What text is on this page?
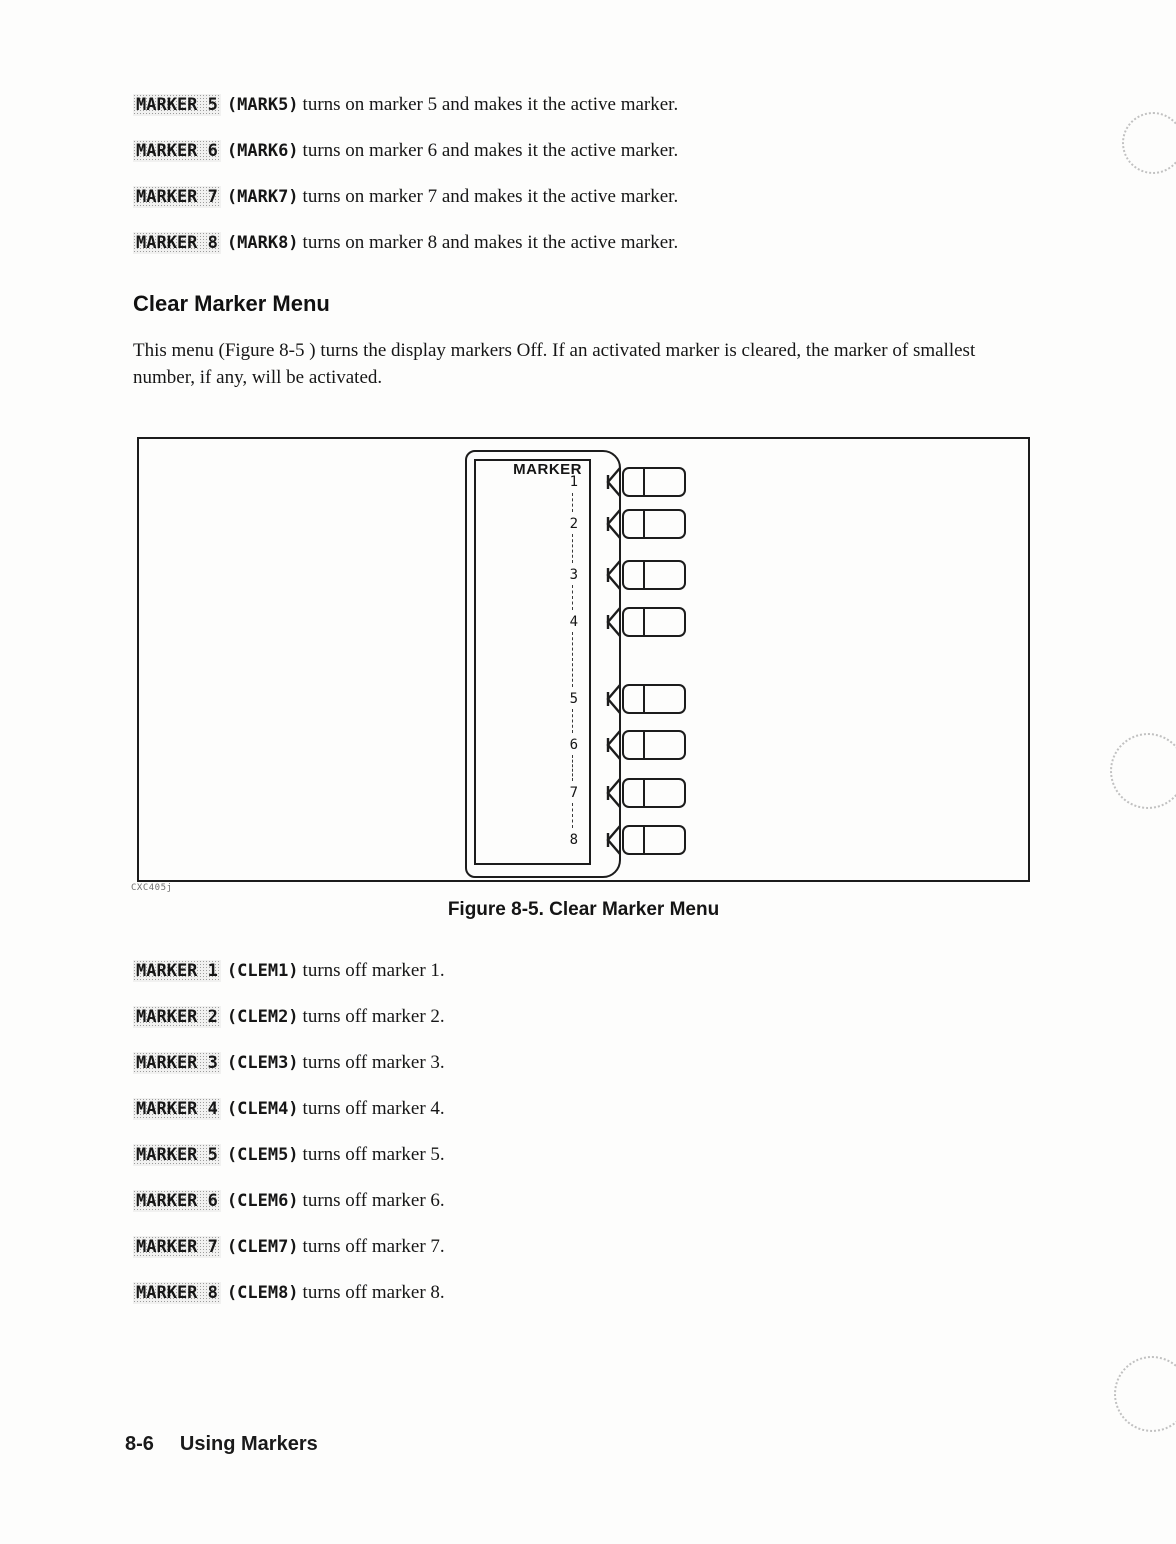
MARKER 5 (MARK5) turns on marker 5 and makes it the active marker.
MARKER 6 (MARK6) turns on marker 6 and makes it the active marker.
MARKER 7 (MARK7) turns on marker 7 and makes it the active marker.
MARKER 8 (MARK8) turns on marker 8 and makes it the active marker.
Clear Marker Menu
This menu (Figure 8-5 ) turns the display markers Off. If an activated marker is cleared, the marker of smallest number, if any, will be activated.
MARKER
1
2
3
4
5
6
7
8
CXC405j
Figure 8-5. Clear Marker Menu
MARKER 1 (CLEM1) turns off marker 1.
MARKER 2 (CLEM2) turns off marker 2.
MARKER 3 (CLEM3) turns off marker 3.
MARKER 4 (CLEM4) turns off marker 4.
MARKER 5 (CLEM5) turns off marker 5.
MARKER 6 (CLEM6) turns off marker 6.
MARKER 7 (CLEM7) turns off marker 7.
MARKER 8 (CLEM8) turns off marker 8.
8-6 Using Markers
